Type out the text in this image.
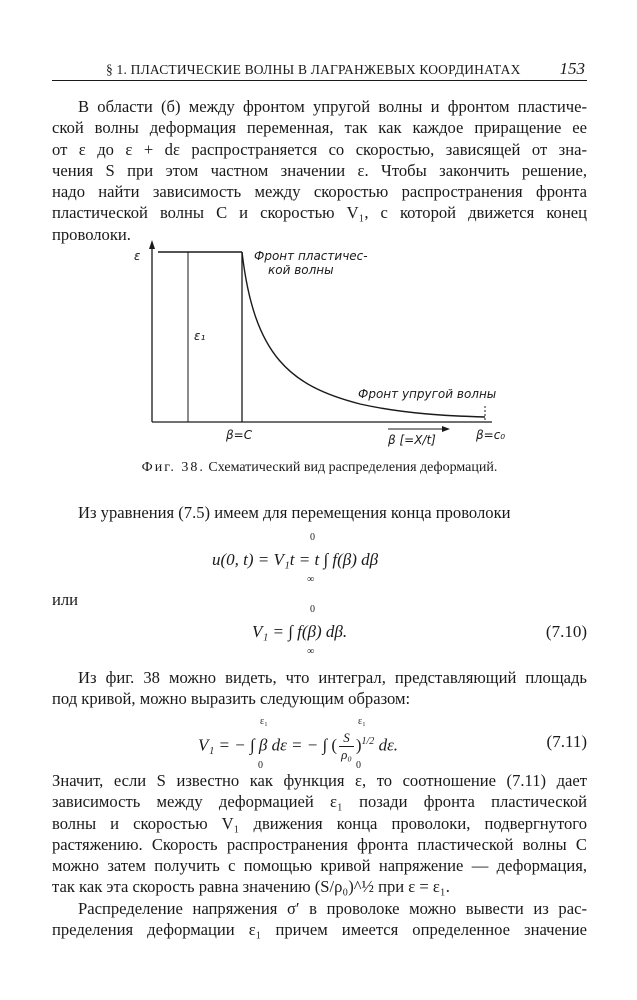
§ 1. ПЛАСТИЧЕСКИЕ ВОЛНЫ В ЛАГРАНЖЕВЫХ КООРДИНАТАХ 153
В области (б) между фронтом упругой волны и фронтом пластиче-
ской волны деформация переменная, так как каждое приращение ее
от ε до ε + dε распространяется со скоростью, зависящей от зна-
чения S при этом частном значении ε. Чтобы закончить решение,
надо найти зависимость между скоростью распространения фронта
пластической волны C и скоростью V₁, с которой движется конец
проволоки.
ε
ε₁
Фронт пластичес-
кой волны
Фронт упругой волны
β=C	β [=X/t]	β=c₀
Фиг. 38. Схематический вид распределения деформаций.
Из уравнения (7.5) имеем для перемещения конца проволоки
0
u(0, t) = V₁t = t ∫ f(β) dβ
∞
или
0
V₁ = ∫ f(β) dβ.
∞
(7.10)
Из фиг. 38 можно видеть, что интеграл, представляющий площадь
под кривой, можно выразить следующим образом:
ε₁	ε₁
V₁ = − ∫ β dε = − ∫ ( $\frac{S}{\text{ρ₀}} )^{1/2}$ dε.
0	0
(7.11)
Значит, если S известно как функция ε, то соотношение (7.11) дает
зависимость между деформацией ε₁ позади фронта пластической
волны и скоростью V₁ движения конца проволоки, подвергнутого
растяжению. Скорость распространения фронта пластической волны C
можно затем получить с помощью кривой напряжение — деформация,
так как эта скорость равна значению (S/ρ₀)^½ при ε = ε₁.
Распределение напряжения σ′ в проволоке можно вывести из рас-
пределения деформации ε₁ причем имеется определенное значение
